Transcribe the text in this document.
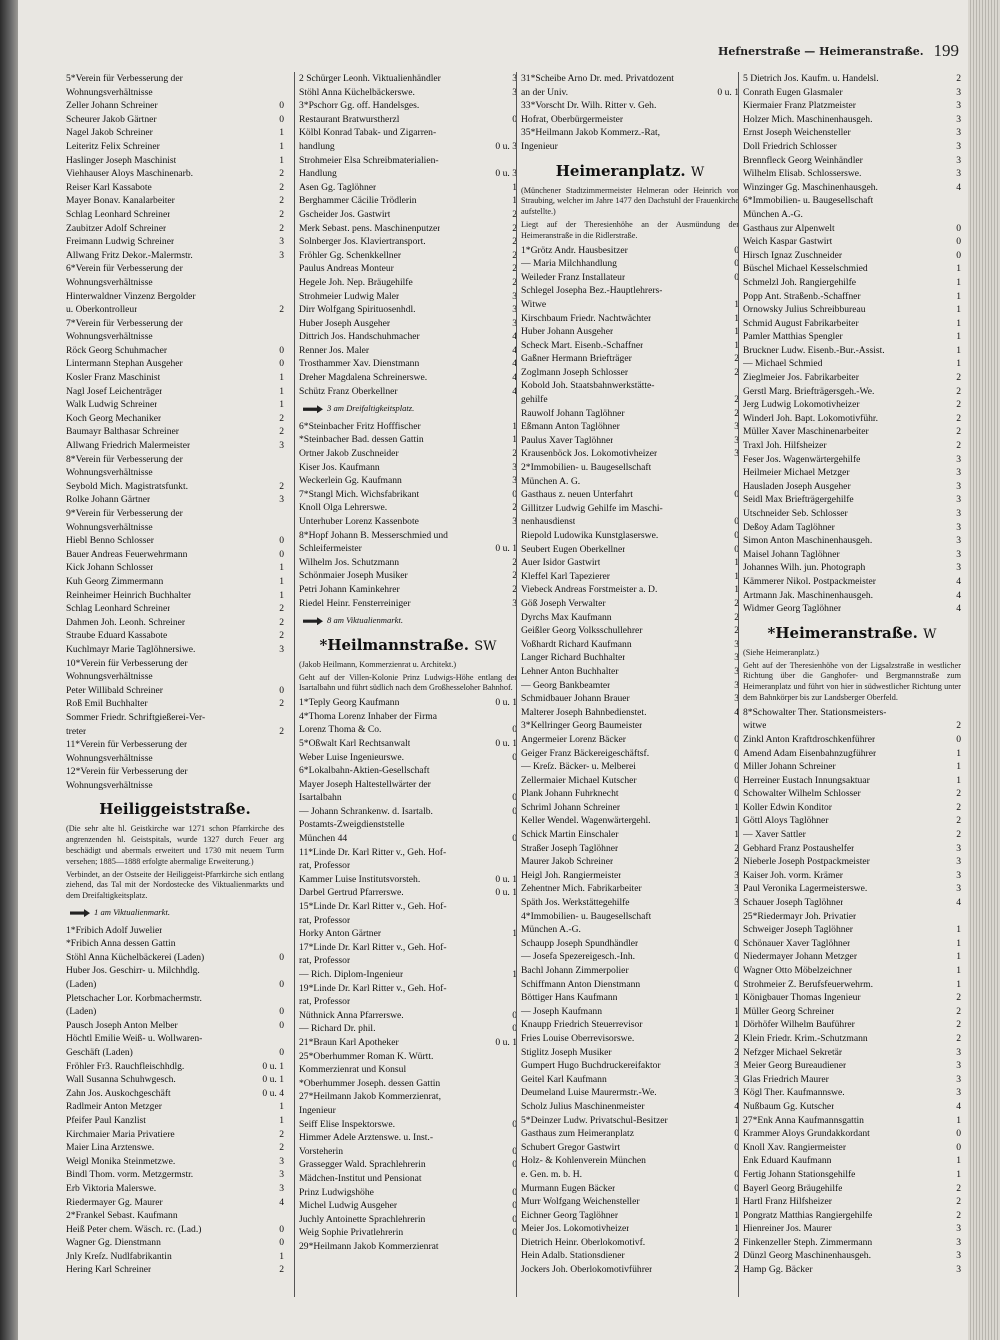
Hefnerstraße — Heimeranstraße. 199
5*Verein für Verbesserung der
Wohnungsverhältnisse
Zeller Johann Schreiner	0
Scheurer Jakob Gärtner	0
Nagel Jakob Schreiner	1
Leiteritz Felix Schreiner	1
Haslinger Joseph Maschinist	1
Viehhauser Aloys Maschinenarb.	2
Reiser Karl Kassabote	2
Mayer Bonav. Kanalarbeiter	2
Schlag Leonhard Schreiner	2
Zaubitzer Adolf Schreiner	2
Freimann Ludwig Schreiner	3
Allwang Fritz Dekor.-Malermstr.	3
6*Verein für Verbesserung der
Wohnungsverhältnisse
Hinterwaldner Vinzenz Bergolder
u. Oberkontrolleur	2
7*Verein für Verbesserung der
Wohnungsverhältnisse
Röck Georg Schuhmacher	0
Lintermann Stephan Ausgeher	0
Kosler Franz Maschinist	1
Nagl Josef Leichenträger	1
Walk Ludwig Schreiner	1
Koch Georg Mechaniker	2
Baumayr Balthasar Schreiner	2
Allwang Friedrich Malermeister	3
8*Verein für Verbesserung der
Wohnungsverhältnisse
Seybold Mich. Magistratsfunkt.	2
Rolke Johann Gärtner	3
9*Verein für Verbesserung der
Wohnungsverhältnisse
Hiebl Benno Schlosser	0
Bauer Andreas Feuerwehrmann	0
Kick Johann Schlosser	1
Kuh Georg Zimmermann	1
Reinheimer Heinrich Buchhalter	1
Schlag Leonhard Schreiner	2
Dahmen Joh. Leonh. Schreiner	2
Straube Eduard Kassabote	2
Kuchlmayr Marie Taglöhnersiwe.	3
10*Verein für Verbesserung der
Wohnungsverhältnisse
Peter Willibald Schreiner	0
Roß Emil Buchhalter	2
Sommer Friedr. Schriftgießerei-Ver-
treter	2
11*Verein für Verbesserung der
Wohnungsverhältnisse
12*Verein für Verbesserung der
Wohnungsverhältnisse
Heiliggeiststraße.
(Die sehr alte hl. Geistkirche war 1271 schon Pfarrkirche des angrenzenden hl. Geistspitals, wurde 1327 durch Feuer arg beschädigt und abermals erweitert und 1730 mit neuem Turm versehen; 1885—1888 erfolgte abermalige Erweiterung.)
Verbindet, an der Ostseite der Heiliggeist-Pfarrkirche sich entlang ziehend, das Tal mit der Nordostecke des Viktualienmarkts und dem Dreifaltigkeitsplatz.
1 am Viktualienmarkt.
1*Fribich Adolf Juwelier
*Fribich Anna dessen Gattin
Stöhl Anna Küchelbäckerei (Laden)	0
Huber Jos. Geschirr- u. Milchhdlg.
(Laden)	0
Pletschacher Lor. Korbmachermstr.
(Laden)	0
Pausch Joseph Anton Melber	0
Höchtl Emilie Weiß- u. Wollwaren-
Geschäft (Laden)	0
Fröhler Fr3. Rauchfleischhdlg.	0 u. 1
Wall Susanna Schuhwgesch.	0 u. 1
Zahn Jos. Auskochgeschäft	0 u. 4
Radlmeir Anton Metzger	1
Pfeifer Paul Kanzlist	1
Kirchmaier Maria Privatiere	2
Maier Lina Arztenswe.	2
Weigl Monika Steinmetzwe.	3
Bindl Thom. vorm. Metzgermstr.	3
Erb Viktoria Malerswe.	3
Riedermayer Gg. Maurer	4
2*Frankel Sebast. Kaufmann
Heiß Peter chem. Wäsch. rc. (Lad.)	0
Wagner Gg. Dienstmann	0
Jnly Kreſz. Nudlfabrikantin	1
Hering Karl Schreiner	2
2 Schürger Leonh. Viktualienhändler	3
Stöhl Anna Küchelbäckerswe.	3
3*Pschorr Gg. off. Handelsges.
Restaurant Bratwurstherzl	0
Kölbl Konrad Tabak- und Zigarren-
handlung	0 u. 3
Strohmeier Elsa Schreibmaterialien-
Handlung	0 u. 3
Asen Gg. Taglöhner	1
Berghammer Cäcilie Trödlerin	1
Gscheider Jos. Gastwirt	2
Merk Sebast. pens. Maschinenputzer	2
Solnberger Jos. Klaviertransport.	2
Fröhler Gg. Schenkkellner	2
Paulus Andreas Monteur	2
Hegele Joh. Nep. Bräugehilfe	2
Strohmeier Ludwig Maler	3
Dirr Wolfgang Spirituosenhdl.	3
Huber Joseph Ausgeher	3
Dittrich Jos. Handschuhmacher	4
Renner Jos. Maler	4
Trosthammer Xav. Dienstmann	4
Dreher Magdalena Schreinerswe.	4
Schütz Franz Oberkellner	4
3 am Dreifaltigkeitsplatz.
6*Steinbacher Fritz Hofffischer	1
*Steinbacher Bad. dessen Gattin	1
Ortner Jakob Zuschneider	2
Kiser Jos. Kaufmann	3
Weckerlein Gg. Kaufmann	3
7*Stangl Mich. Wichsfabrikant	0
Knoll Olga Lehrerswe.	2
Unterhuber Lorenz Kassenbote	3
8*Hopf Johann B. Messerschmied und
Schleifermeister	0 u. 1
Wilhelm Jos. Schutzmann	2
Schönmaier Joseph Musiker	2
Petri Johann Kaminkehrer	2
Riedel Heinr. Fensterreiniger	3
8 am Viktualienmarkt.
*Heilmannstraße. SW
(Jakob Heilmann, Kommerzienrat u. Architekt.)
Geht auf der Villen-Kolonie Prinz Ludwigs-Höhe entlang der Isartalbahn und führt südlich nach dem Großhesseloher Bahnhof.
1*Teply Georg Kaufmann	0 u. 1
4*Thoma Lorenz Inhaber der Firma
Lorenz Thoma & Co.	0
5*Oßwalt Karl Rechtsanwalt	0 u. 1
Weber Luise Ingenieurswe.	0
6*Lokalbahn-Aktien-Gesellschaft
Mayer Joseph Haltestellwärter der
Isartalbahn	0
— Johann Schrankenw. d. Isartalb.	0
Postamts-Zweigdienststelle
München 44	0
11*Linde Dr. Karl Ritter v., Geh. Hof-
rat, Professor
Kammer Luise Institutsvorsteh.	0 u. 1
Darbel Gertrud Pfarrerswe.	0 u. 1
15*Linde Dr. Karl Ritter v., Geh. Hof-
rat, Professor
Horky Anton Gärtner	1
17*Linde Dr. Karl Ritter v., Geh. Hof-
rat, Professor
— Rich. Diplom-Ingenieur	1
19*Linde Dr. Karl Ritter v., Geh. Hof-
rat, Professor
Nüthnick Anna Pfarrerswe.	0
— Richard Dr. phil.	0
21*Braun Karl Apotheker	0 u. 1
25*Oberhummer Roman K. Württ.
Kommerzienrat und Konsul
*Oberhummer Joseph. dessen Gattin
27*Heilmann Jakob Kommerzienrat,
Ingenieur
Seiff Elise Inspektorswe.	0
Himmer Adele Arztenswe. u. Inst.-
Vorsteherin	0
Grassegger Wald. Sprachlehrerin	0
Mädchen-Institut und Pensionat
Prinz Ludwigshöhe	0
Michel Ludwig Ausgeher	0
Juchly Antoinette Sprachlehrerin	0
Weig Sophie Privatlehrerin	0
29*Heilmann Jakob Kommerzienrat
31*Scheibe Arno Dr. med. Privatdozent
an der Univ.	0 u. 1
33*Vorscht Dr. Wilh. Ritter v. Geh.
Hofrat, Oberbürgermeister
35*Heilmann Jakob Kommerz.-Rat,
Ingenieur
Heimeranplatz. W
(Münchener Stadtzimmermeister Helmeran oder Heinrich von Straubing, welcher im Jahre 1477 den Dachstuhl der Frauenkirche aufstellte.)
Liegt auf der Theresienhöhe an der Ausmündung der Heimeranstraße in die Ridlerstraße.
1*Grötz Andr. Hausbesitzer	0
— Maria Milchhandlung	0
Weileder Franz Installateur	0
Schlegel Josepha Bez.-Hauptlehrers-
Witwe	1
Kirschbaum Friedr. Nachtwächter	1
Huber Johann Ausgeher	1
Scheck Mart. Eisenb.-Schaffner	1
Gaßner Hermann Briefträger	2
Zoglmann Joseph Schlosser	2
Kobold Joh. Staatsbahnwerkstätte-
gehilfe	2
Rauwolf Johann Taglöhner	2
Eßmann Anton Taglöhner	3
Paulus Xaver Taglöhner	3
Krausenböck Jos. Lokomotivheizer	3
2*Immobilien- u. Baugesellschaft
München A. G.
Gasthaus z. neuen Unterfahrt	0
Gillitzer Ludwig Gehilfe im Maschi-
nenhausdienst	0
Riepold Ludowika Kunstglaserswe.	0
Seubert Eugen Oberkellner	0
Auer Isidor Gastwirt	1
Kleffel Karl Tapezierer	1
Viebeck Andreas Forstmeister a. D.	1
Göß Joseph Verwalter	2
Dyrchs Max Kaufmann	2
Geißler Georg Volksschullehrer	2
Voßhardt Richard Kaufmann	3
Langer Richard Buchhalter	3
Lehner Anton Buchhalter	3
— Georg Bankbeamter	3
Schmidbauer Johann Brauer	3
Malterer Joseph Bahnbedienstet.	4
3*Kellringer Georg Baumeister
Angermeier Lorenz Bäcker	0
Geiger Franz Bäckereigeschäftsf.	0
— Kreſz. Bäcker- u. Melberei	0
Zellermaier Michael Kutscher	0
Plank Johann Fuhrknecht	0
Schriml Johann Schreiner	1
Keller Wendel. Wagenwärtergehl.	1
Schick Martin Einschaler	1
Straßer Joseph Taglöhner	2
Maurer Jakob Schreiner	2
Heigl Joh. Rangiermeister	3
Zehentner Mich. Fabrikarbeiter	3
Späth Jos. Werkstättegehilfe	3
4*Immobilien- u. Baugesellschaft
München A.-G.
Schaupp Joseph Spundhändler	0
— Josefa Spezereigesch.-Inh.	0
Bachl Johann Zimmerpolier	0
Schiffmann Anton Dienstmann	0
Böttiger Hans Kaufmann	1
— Joseph Kaufmann	1
Knaupp Friedrich Steuerrevisor	1
Fries Louise Oberrevisorswe.	2
Stiglitz Joseph Musiker	2
Gumpert Hugo Buchdruckereifaktor	3
Geitel Karl Kaufmann	3
Deumeland Luise Maurermstr.-We.	3
Scholz Julius Maschinenmeister	4
5*Deinzer Ludw. Privatschul-Besitzer	1
Gasthaus zum Heimeranplatz	0
Schubert Gregor Gastwirt	0
Holz- & Kohlenverein München
e. Gen. m. b. H.	0
Murmann Eugen Bäcker	0
Murr Wolfgang Weichensteller	1
Eichner Georg Taglöhner	1
Meier Jos. Lokomotivheizer	1
Dietrich Heinr. Oberlokomotivf.	2
Hein Adalb. Stationsdiener	2
Jockers Joh. Oberlokomotivführer	2
5 Dietrich Jos. Kaufm. u. Handelsl.	2
Conrath Eugen Glasmaler	3
Kiermaier Franz Platzmeister	3
Holzer Mich. Maschinenhausgeh.	3
Ernst Joseph Weichensteller	3
Doll Friedrich Schlosser	3
Brennfleck Georg Weinhändler	3
Wilhelm Elisab. Schlosserswe.	3
Winzinger Gg. Maschinenhausgeh.	4
6*Immobilien- u. Baugesellschaft
München A.-G.
Gasthaus zur Alpenwelt	0
Weich Kaspar Gastwirt	0
Hirsch Ignaz Zuschneider	0
Büschel Michael Kesselschmied	1
Schmelzl Joh. Rangiergehilfe	1
Popp Ant. Straßenb.-Schaffner	1
Ornowsky Julius Schreibbureau	1
Schmid August Fabrikarbeiter	1
Pamler Matthias Spengler	1
Bruckner Ludw. Eisenb.-Bur.-Assist.	1
— Michael Schmied	1
Zieglmeier Jos. Fabrikarbeiter	2
Gerstl Marg. Briefträgersgeh.-We.	2
Jerg Ludwig Lokomotivheizer	2
Winderl Joh. Bapt. Lokomotivführ.	2
Müller Xaver Maschinenarbeiter	2
Traxl Joh. Hilfsheizer	2
Feser Jos. Wagenwärtergehilfe	3
Heilmeier Michael Metzger	3
Hausladen Joseph Ausgeher	3
Seidl Max Briefträgergehilfe	3
Utschneider Seb. Schlosser	3
Deßoy Adam Taglöhner	3
Simon Anton Maschinenhausgeh.	3
Maisel Johann Taglöhner	3
Johannes Wilh. jun. Photograph	3
Kämmerer Nikol. Postpackmeister	4
Artmann Jak. Maschinenhausgeh.	4
Widmer Georg Taglöhner	4
*Heimeranstraße. W
(Siehe Heimeranplatz.)
Geht auf der Theresienhöhe von der Ligsalzstraße in westlicher Richtung über die Ganghofer- und Bergmannstraße zum Heimeranplatz und führt von hier in südwestlicher Richtung unter dem Bahnkörper bis zur Landsberger Oberfeld.
8*Schowalter Ther. Stationsmeisters-
witwe	2
Zinkl Anton Kraftdroschkenführer	0
Amend Adam Eisenbahnzugführer	1
Miller Johann Schreiner	1
Herreiner Eustach Innungsaktuar	1
Schowalter Wilhelm Schlosser	2
Koller Edwin Konditor	2
Göttl Aloys Taglöhner	2
— Xaver Sattler	2
Gebhard Franz Postaushelfer	3
Nieberle Joseph Postpackmeister	3
Kaiser Joh. vorm. Krämer	3
Paul Veronika Lagermeisterswe.	3
Schauer Joseph Taglöhner	4
25*Riedermayr Joh. Privatier
Schweiger Joseph Taglöhner	1
Schönauer Xaver Taglöhner	1
Niedermayer Johann Metzger	1
Wagner Otto Möbelzeichner	1
Strohmeier Z. Berufsfeuerwehrm.	1
Königbauer Thomas Ingenieur	2
Müller Georg Schreiner	2
Dörhöfer Wilhelm Bauführer	2
Klein Friedr. Krim.-Schutzmann	2
Nefzger Michael Sekretär	3
Meier Georg Bureaudiener	3
Glas Friedrich Maurer	3
Kögl Ther. Kaufmannswe.	3
Nußbaum Gg. Kutscher	4
27*Enk Anna Kaufmannsgattin	1
Krammer Aloys Grundakkordant	0
Knoll Xav. Rangiermeister	0
Enk Eduard Kaufmann	1
Fertig Johann Stationsgehilfe	1
Bayerl Georg Bräugehilfe	2
Hartl Franz Hilfsheizer	2
Pongratz Matthias Rangiergehilfe	2
Hienreiner Jos. Maurer	3
Finkenzeller Steph. Zimmermann	3
Dünzl Georg Maschinenhausgeh.	3
Hamp Gg. Bäcker	3
